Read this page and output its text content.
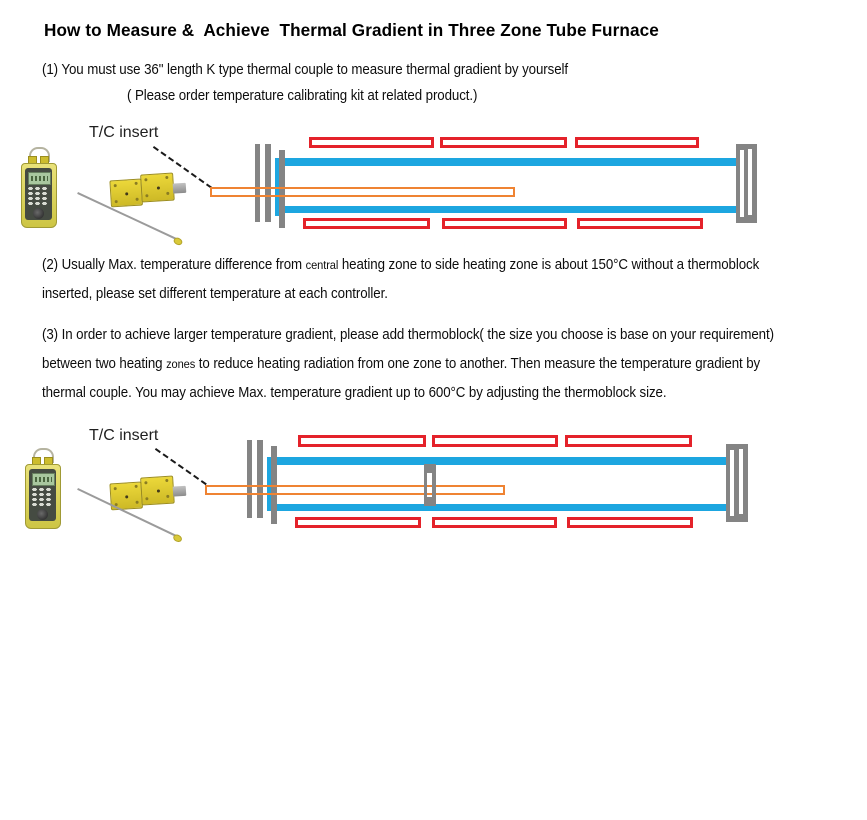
How to Measure &  Achieve  Thermal Gradient in Three Zone Tube Furnace
(1) You must use 36" length K type thermal couple to measure thermal gradient by yourself
( Please order temperature calibrating kit at related product.)
T/C insert
(2) Usually Max. temperature difference from central heating zone to side heating zone is about 150°C without a thermoblock
inserted, please set different temperature at each controller.
(3) In order to achieve larger temperature gradient, please add thermoblock( the size you choose is base on your requirement)
between two heating zones to reduce heating radiation from one zone to another. Then measure the temperature gradient by
thermal couple. You may achieve Max. temperature gradient up to 600°C by adjusting the thermoblock size.
T/C insert
